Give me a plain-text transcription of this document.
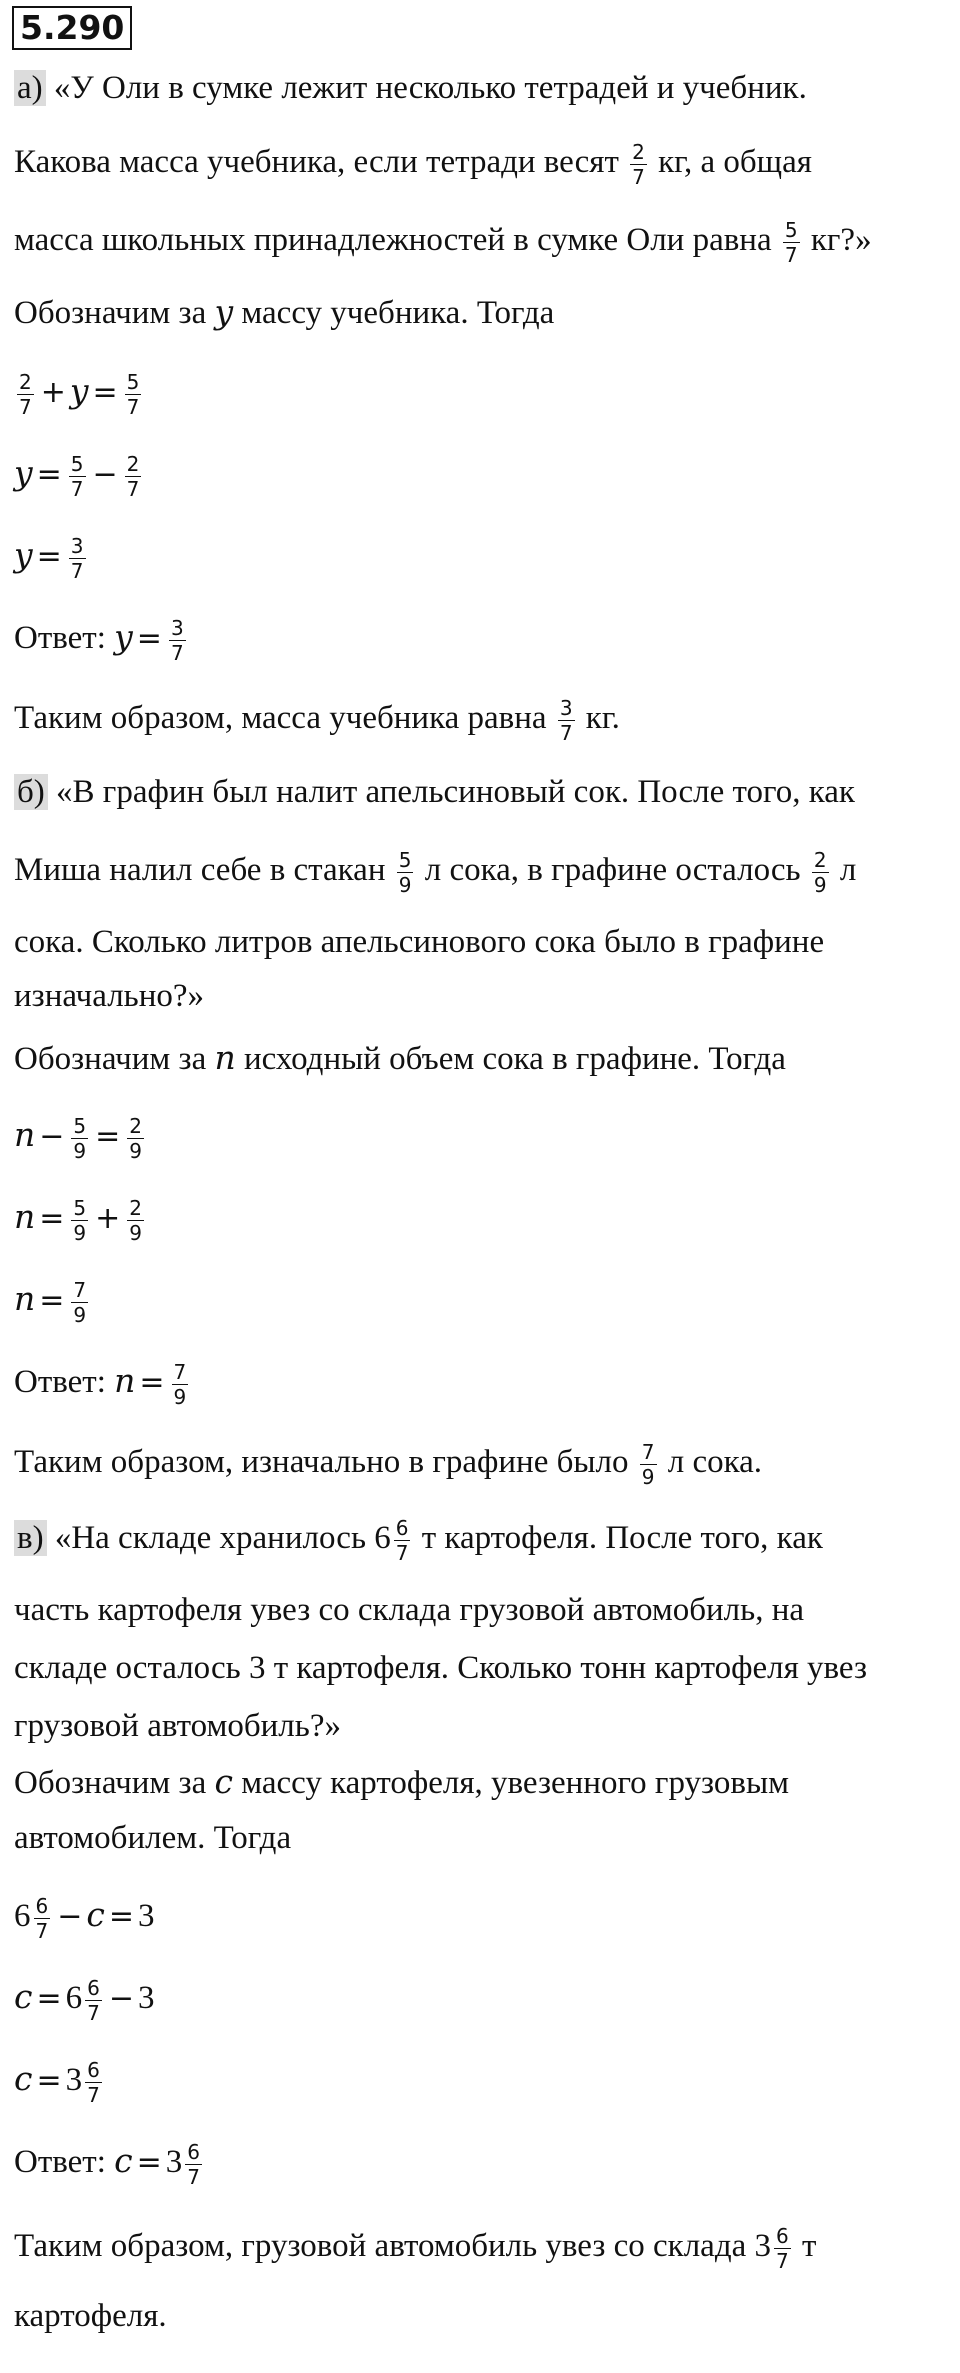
5.290
а) «У Оли в сумке лежит несколько тетрадей и учебник.
Какова масса учебника, если тетради весят $\frac{2}{7}$ кг, а общая
масса школьных принадлежностей в сумке Оли равна $\frac{5}{7}$ кг?»
Обозначим за y массу учебника. Тогда
$\frac{2}{7} + y = \frac{5}{7}$
$y = \frac{5}{7} - \frac{2}{7}$
$y = \frac{3}{7}$
Ответ: $y = \frac{3}{7}$
Таким образом, масса учебника равна $\frac{3}{7}$ кг.
б) «В графин был налит апельсиновый сок. После того, как
Миша налил себе в стакан $\frac{5}{9}$ л сока, в графине осталось $\frac{2}{9}$ л
сока. Сколько литров апельсинового сока было в графине
изначально?»
Обозначим за n исходный объем сока в графине. Тогда
$n - \frac{5}{9} = \frac{2}{9}$
$n = \frac{5}{9} + \frac{2}{9}$
$n = \frac{7}{9}$
Ответ: $n = \frac{7}{9}$
Таким образом, изначально в графине было $\frac{7}{9}$ л сока.
в) «На складе хранилось $6 \frac{6}{7}$ т картофеля. После того, как
часть картофеля увез со склада грузовой автомобиль, на
складе осталось 3 т картофеля. Сколько тонн картофеля увез
грузовой автомобиль?»
Обозначим за c массу картофеля, увезенного грузовым
автомобилем. Тогда
$6 \frac{6}{7} - c = 3$
$c = 6 \frac{6}{7} - 3$
$c = 3 \frac{6}{7}$
Ответ: $c = 3 \frac{6}{7}$
Таким образом, грузовой автомобиль увез со склада $3 \frac{6}{7}$ т
картофеля.
